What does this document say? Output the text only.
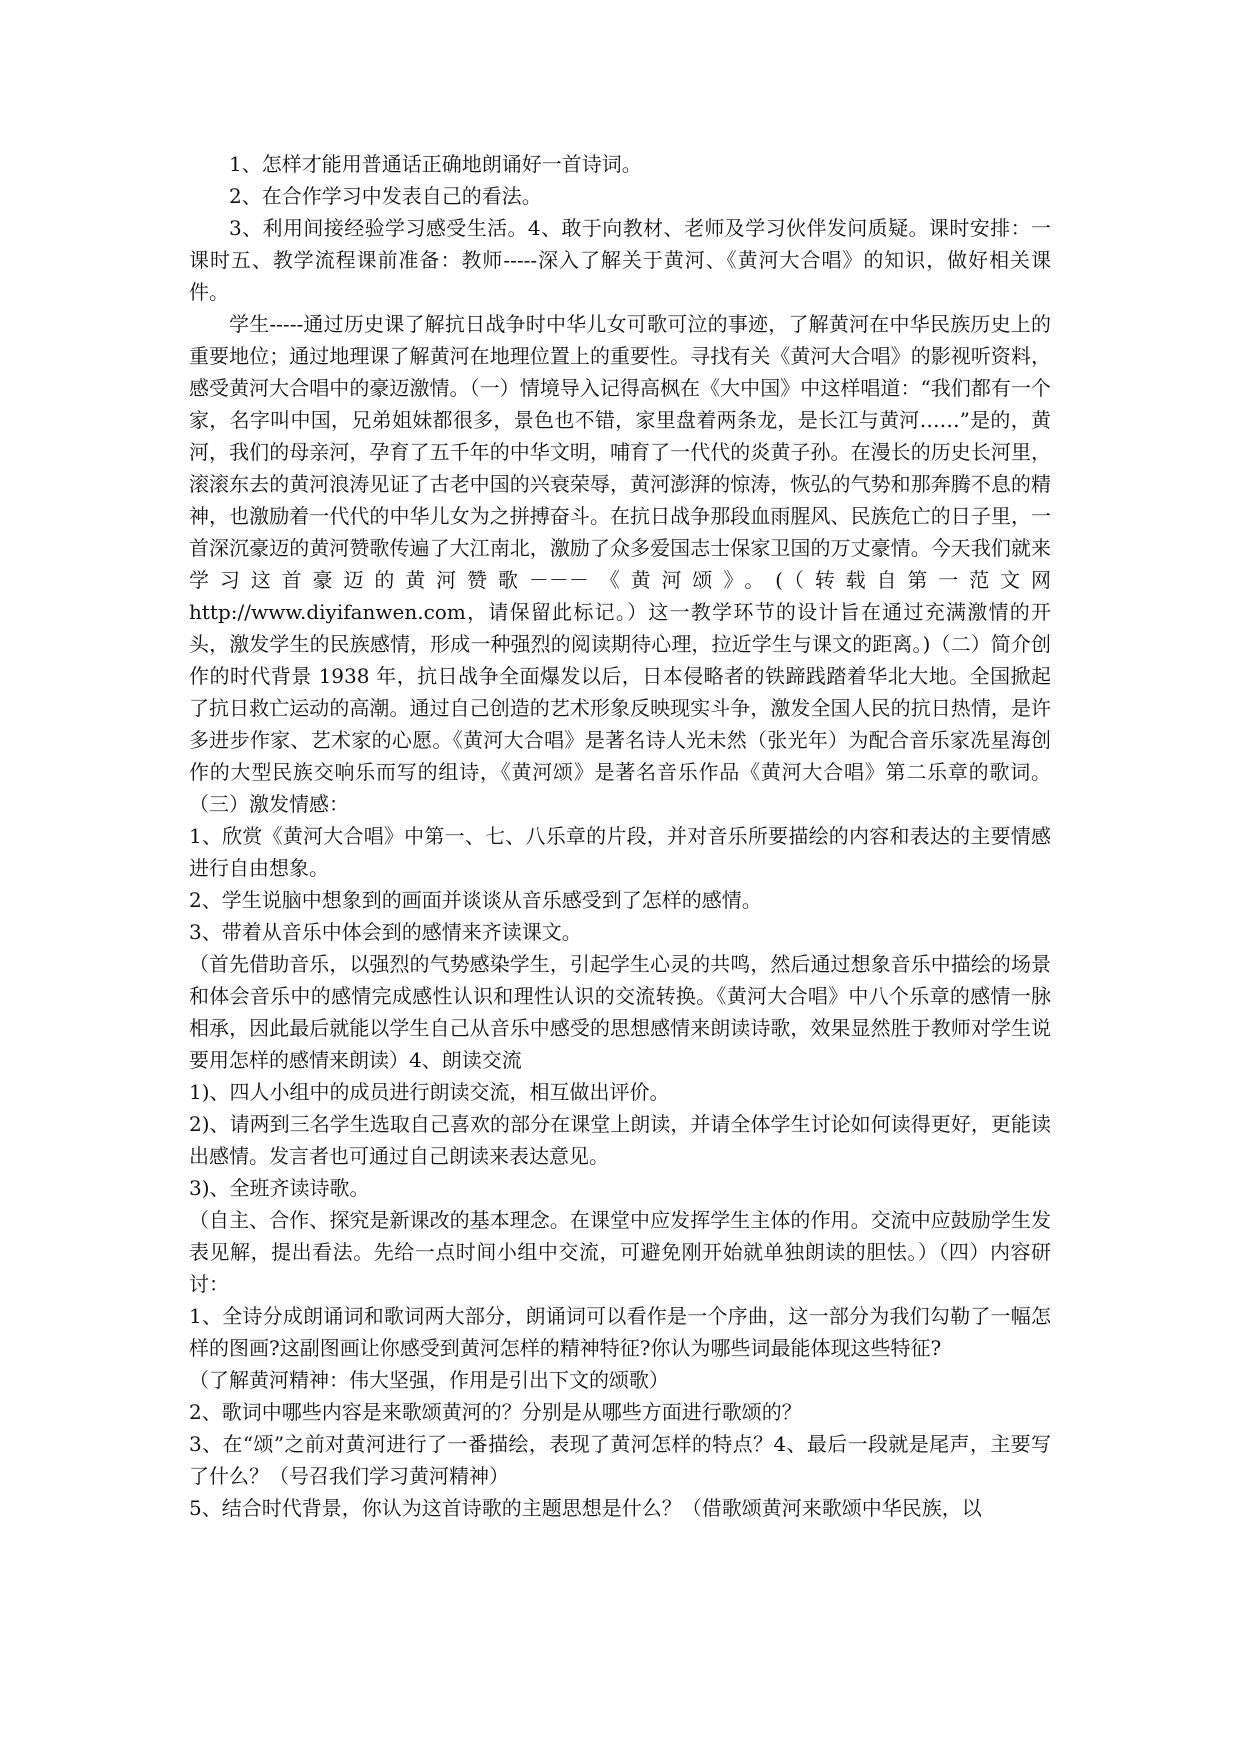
1、怎样才能用普通话正确地朗诵好一首诗词。

2、在合作学习中发表自己的看法。

3、利用间接经验学习感受生活。4、敢于向教材、老师及学习伙伴发问质疑。课时安排：一课时五、教学流程课前准备：教师-----深入了解关于黄河、《黄河大合唱》的知识，做好相关课件。

学生-----通过历史课了解抗日战争时中华儿女可歌可泣的事迹，了解黄河在中华民族历史上的重要地位；通过地理课了解黄河在地理位置上的重要性。寻找有关《黄河大合唱》的影视听资料，感受黄河大合唱中的豪迈激情。（一）情境导入记得高枫在《大中国》中这样唱道：“我们都有一个家，名字叫中国，兄弟姐妹都很多，景色也不错，家里盘着两条龙，是长江与黄河……”是的，黄河，我们的母亲河，孕育了五千年的中华文明，哺育了一代代的炎黄子孙。在漫长的历史长河里，滚滚东去的黄河浪涛见证了古老中国的兴衰荣辱，黄河澎湃的惊涛，恢弘的气势和那奔腾不息的精神，也激励着一代代的中华儿女为之拼搏奋斗。在抗日战争那段血雨腥风、民族危亡的日子里，一首深沉豪迈的黄河赞歌传遍了大江南北，激励了众多爱国志士保家卫国的万丈豪情。今天我们就来学习这首豪迈的黄河赞歌－－－《黄河颂》。(（转载自第一范文网 http://www.diyifanwen.com，请保留此标记。）这一教学环节的设计旨在通过充满激情的开头，激发学生的民族感情，形成一种强烈的阅读期待心理，拉近学生与课文的距离。)（二）简介创作的时代背景 1938 年，抗日战争全面爆发以后，日本侵略者的铁蹄践踏着华北大地。全国掀起了抗日救亡运动的高潮。通过自己创造的艺术形象反映现实斗争，激发全国人民的抗日热情，是许多进步作家、艺术家的心愿。《黄河大合唱》是著名诗人光未然（张光年）为配合音乐家冼星海创作的大型民族交响乐而写的组诗，《黄河颂》是著名音乐作品《黄河大合唱》第二乐章的歌词。（三）激发情感：

1、欣赏《黄河大合唱》中第一、七、八乐章的片段，并对音乐所要描绘的内容和表达的主要情感进行自由想象。

2、学生说脑中想象到的画面并谈谈从音乐感受到了怎样的感情。

3、带着从音乐中体会到的感情来齐读课文。

（首先借助音乐，以强烈的气势感染学生，引起学生心灵的共鸣，然后通过想象音乐中描绘的场景和体会音乐中的感情完成感性认识和理性认识的交流转换。《黄河大合唱》中八个乐章的感情一脉相承，因此最后就能以学生自己从音乐中感受的思想感情来朗读诗歌，效果显然胜于教师对学生说要用怎样的感情来朗读）4、朗读交流

1)、四人小组中的成员进行朗读交流，相互做出评价。

2)、请两到三名学生选取自己喜欢的部分在课堂上朗读，并请全体学生讨论如何读得更好，更能读出感情。发言者也可通过自己朗读来表达意见。

3)、全班齐读诗歌。

（自主、合作、探究是新课改的基本理念。在课堂中应发挥学生主体的作用。交流中应鼓励学生发表见解，提出看法。先给一点时间小组中交流，可避免刚开始就单独朗读的胆怯。）（四）内容研讨：

1、全诗分成朗诵词和歌词两大部分，朗诵词可以看作是一个序曲，这一部分为我们勾勒了一幅怎样的图画?这副图画让你感受到黄河怎样的精神特征?你认为哪些词最能体现这些特征?

（了解黄河精神：伟大坚强，作用是引出下文的颂歌）

2、歌词中哪些内容是来歌颂黄河的？分别是从哪些方面进行歌颂的？

3、在“颂”之前对黄河进行了一番描绘，表现了黄河怎样的特点？4、最后一段就是尾声，主要写了什么？（号召我们学习黄河精神）

5、结合时代背景，你认为这首诗歌的主题思想是什么？（借歌颂黄河来歌颂中华民族，以
